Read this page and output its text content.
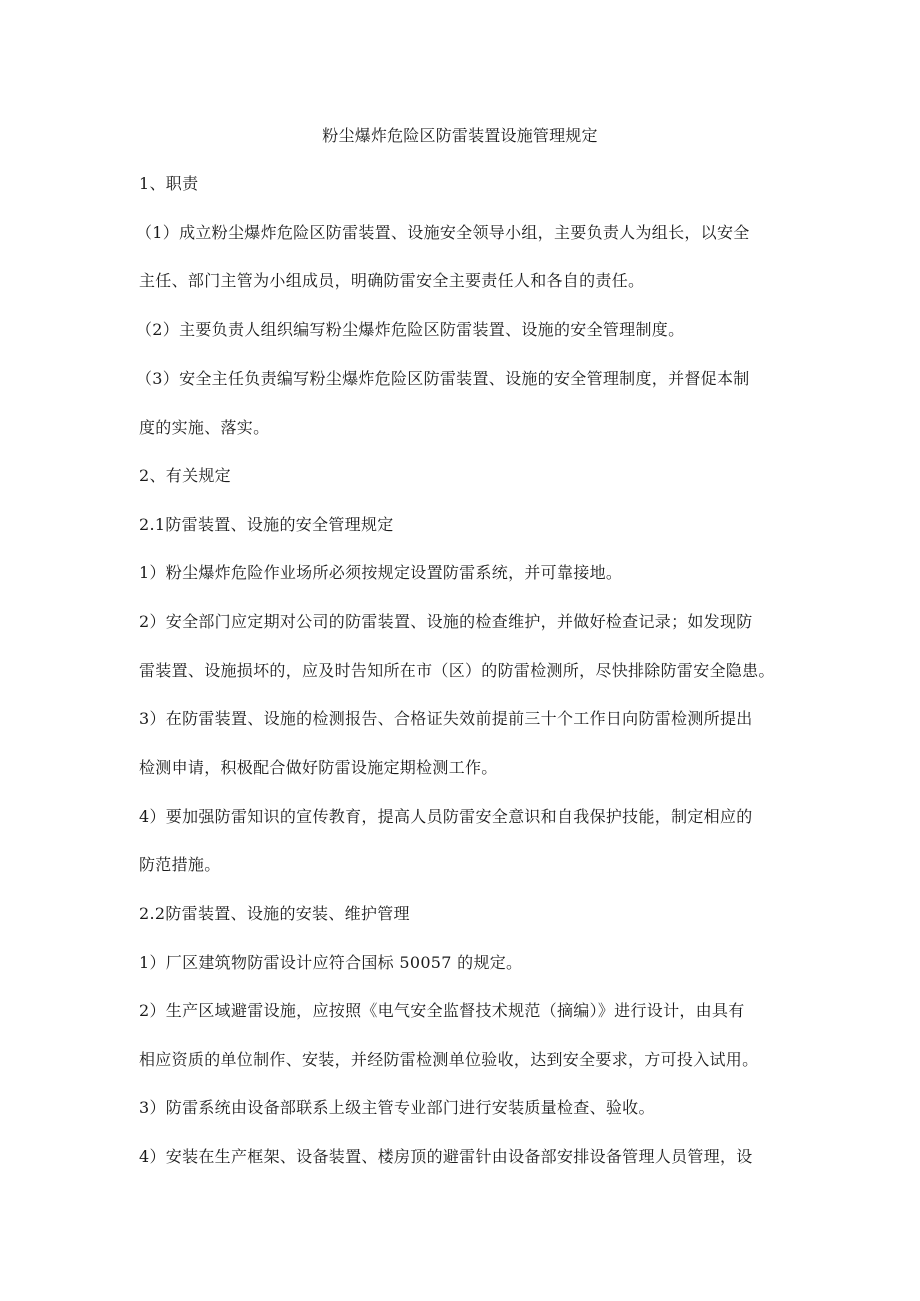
粉尘爆炸危险区防雷装置设施管理规定
1、职责
（1）成立粉尘爆炸危险区防雷装置、设施安全领导小组，主要负责人为组长，以安全
主任、部门主管为小组成员，明确防雷安全主要责任人和各自的责任。
（2）主要负责人组织编写粉尘爆炸危险区防雷装置、设施的安全管理制度。
（3）安全主任负责编写粉尘爆炸危险区防雷装置、设施的安全管理制度，并督促本制
度的实施、落实。
2、有关规定
2.1防雷装置、设施的安全管理规定
1）粉尘爆炸危险作业场所必须按规定设置防雷系统，并可靠接地。
2）安全部门应定期对公司的防雷装置、设施的检查维护，并做好检查记录；如发现防
雷装置、设施损坏的，应及时告知所在市（区）的防雷检测所，尽快排除防雷安全隐患。
3）在防雷装置、设施的检测报告、合格证失效前提前三十个工作日向防雷检测所提出
检测申请，积极配合做好防雷设施定期检测工作。
4）要加强防雷知识的宣传教育，提高人员防雷安全意识和自我保护技能，制定相应的
防范措施。
2.2防雷装置、设施的安装、维护管理
1）厂区建筑物防雷设计应符合国标 50057 的规定。
2）生产区域避雷设施，应按照《电气安全监督技术规范（摘编）》进行设计，由具有
相应资质的单位制作、安装，并经防雷检测单位验收，达到安全要求，方可投入试用。
3）防雷系统由设备部联系上级主管专业部门进行安装质量检查、验收。
4）安装在生产框架、设备装置、楼房顶的避雷针由设备部安排设备管理人员管理，设
